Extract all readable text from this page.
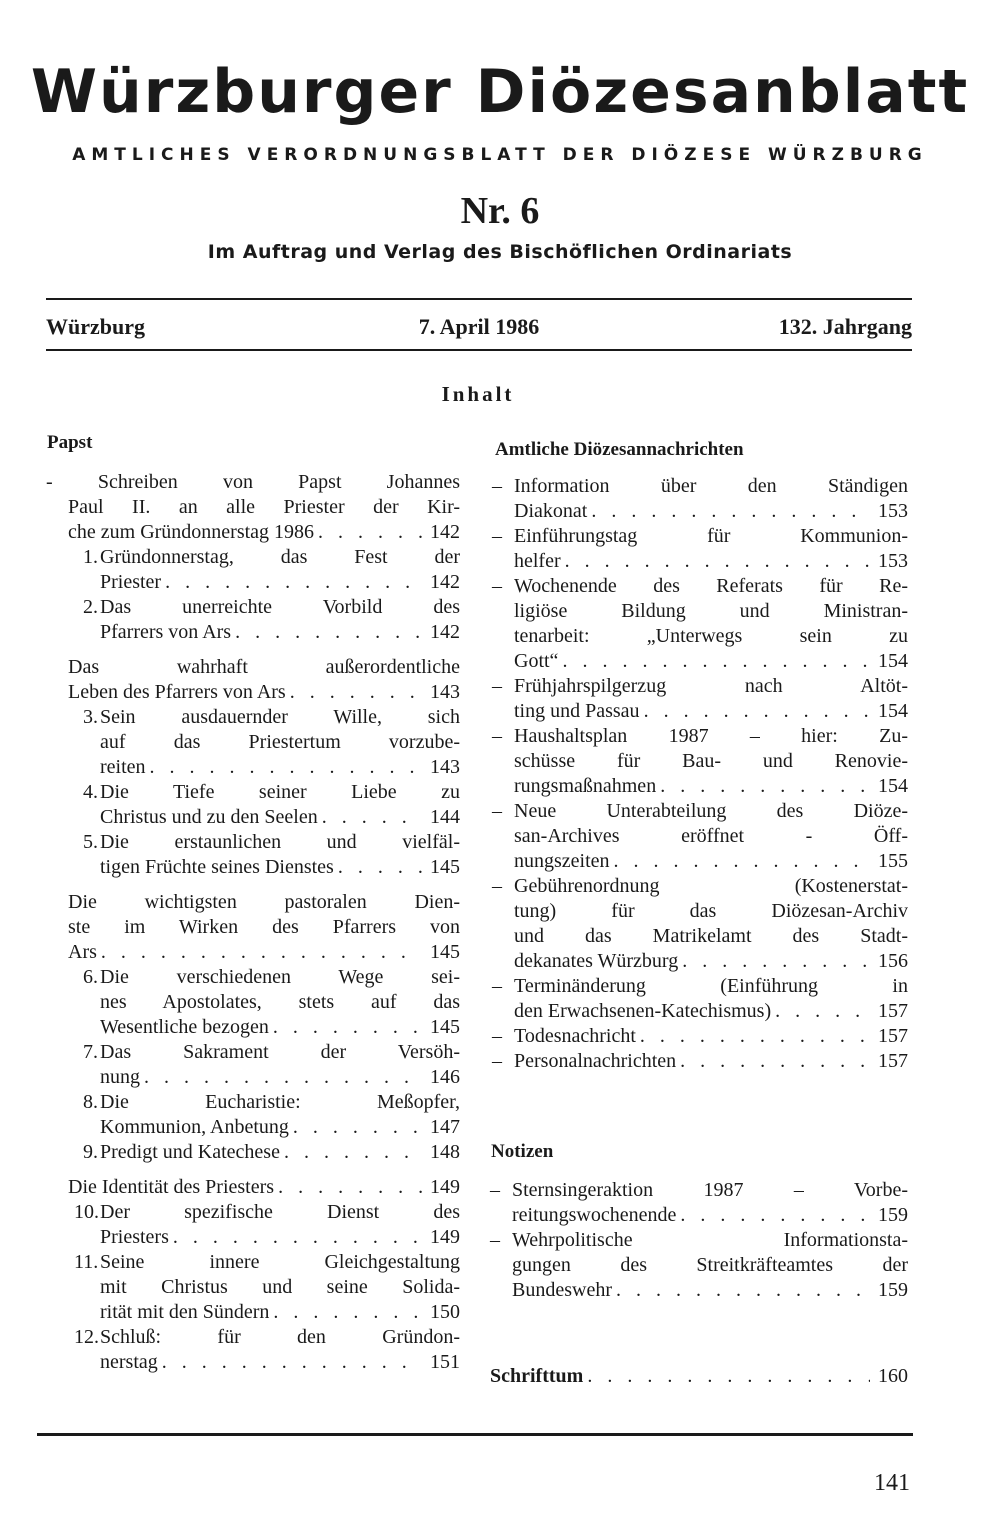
Würzburger Diözesanblatt
AMTLICHES VERORDNUNGSBLATT DER DIÖZESE WÜRZBURG
Nr. 6
Im Auftrag und Verlag des Bischöflichen Ordinariats
Würzburg	7. April 1986	132. Jahrgang
Inhalt
Papst	Amtliche Diözesannachrichten
- Schreiben von Papst Johannes
Paul II. an alle Priester der Kir-
che zum Gründonnerstag 1986 . . .	142
1. Gründonnerstag, das Fest der
Priester . . .	142
2. Das unerreichte Vorbild des
Pfarrers von Ars . . .	142
Das wahrhaft außerordentliche
Leben des Pfarrers von Ars . . .	143
3. Sein ausdauernder Wille, sich
auf das Priestertum vorzube-
reiten . . .	143
4. Die Tiefe seiner Liebe zu
Christus und zu den Seelen . . .	144
5. Die erstaunlichen und vielfäl-
tigen Früchte seines Dienstes . . .	145
Die wichtigsten pastoralen Dien-
ste im Wirken des Pfarrers von
Ars . . .	145
6. Die verschiedenen Wege sei-
nes Apostolates, stets auf das
Wesentliche bezogen . . .	145
7. Das Sakrament der Versöh-
nung . . .	146
8. Die Eucharistie: Meßopfer,
Kommunion, Anbetung . . .	147
9. Predigt und Katechese . . .	148
Die Identität des Priesters . . .	149
10. Der spezifische Dienst des
Priesters . . .	149
11. Seine innere Gleichgestaltung
mit Christus und seine Solida-
rität mit den Sündern . . .	150
12. Schluß: für den Gründon-
nerstag . . .	151
– Information über den Ständigen
Diakonat . . .	153
– Einführungstag für Kommunion-
helfer . . .	153
– Wochenende des Referats für Re-
ligiöse Bildung und Ministran-
tenarbeit: „Unterwegs sein zu
Gott“ . . .	154
– Frühjahrspilgerzug nach Altöt-
ting und Passau . . .	154
– Haushaltsplan 1987 – hier: Zu-
schüsse für Bau- und Renovie-
rungsmaßnahmen . . .	154
– Neue Unterabteilung des Diöze-
san-Archives eröffnet - Öff-
nungszeiten . . .	155
– Gebührenordnung (Kostenerstat-
tung) für das Diözesan-Archiv
und das Matrikelamt des Stadt-
dekanates Würzburg . . .	156
– Terminänderung (Einführung in
den Erwachsenen-Katechismus) . . .	157
– Todesnachricht . . .	157
– Personalnachrichten . . .	157
Notizen
– Sternsingeraktion 1987 – Vorbe-
reitungswochenende . . .	159
– Wehrpolitische Informationsta-
gungen des Streitkräfteamtes der
Bundeswehr . . .	159
Schrifttum . . .	160
141
